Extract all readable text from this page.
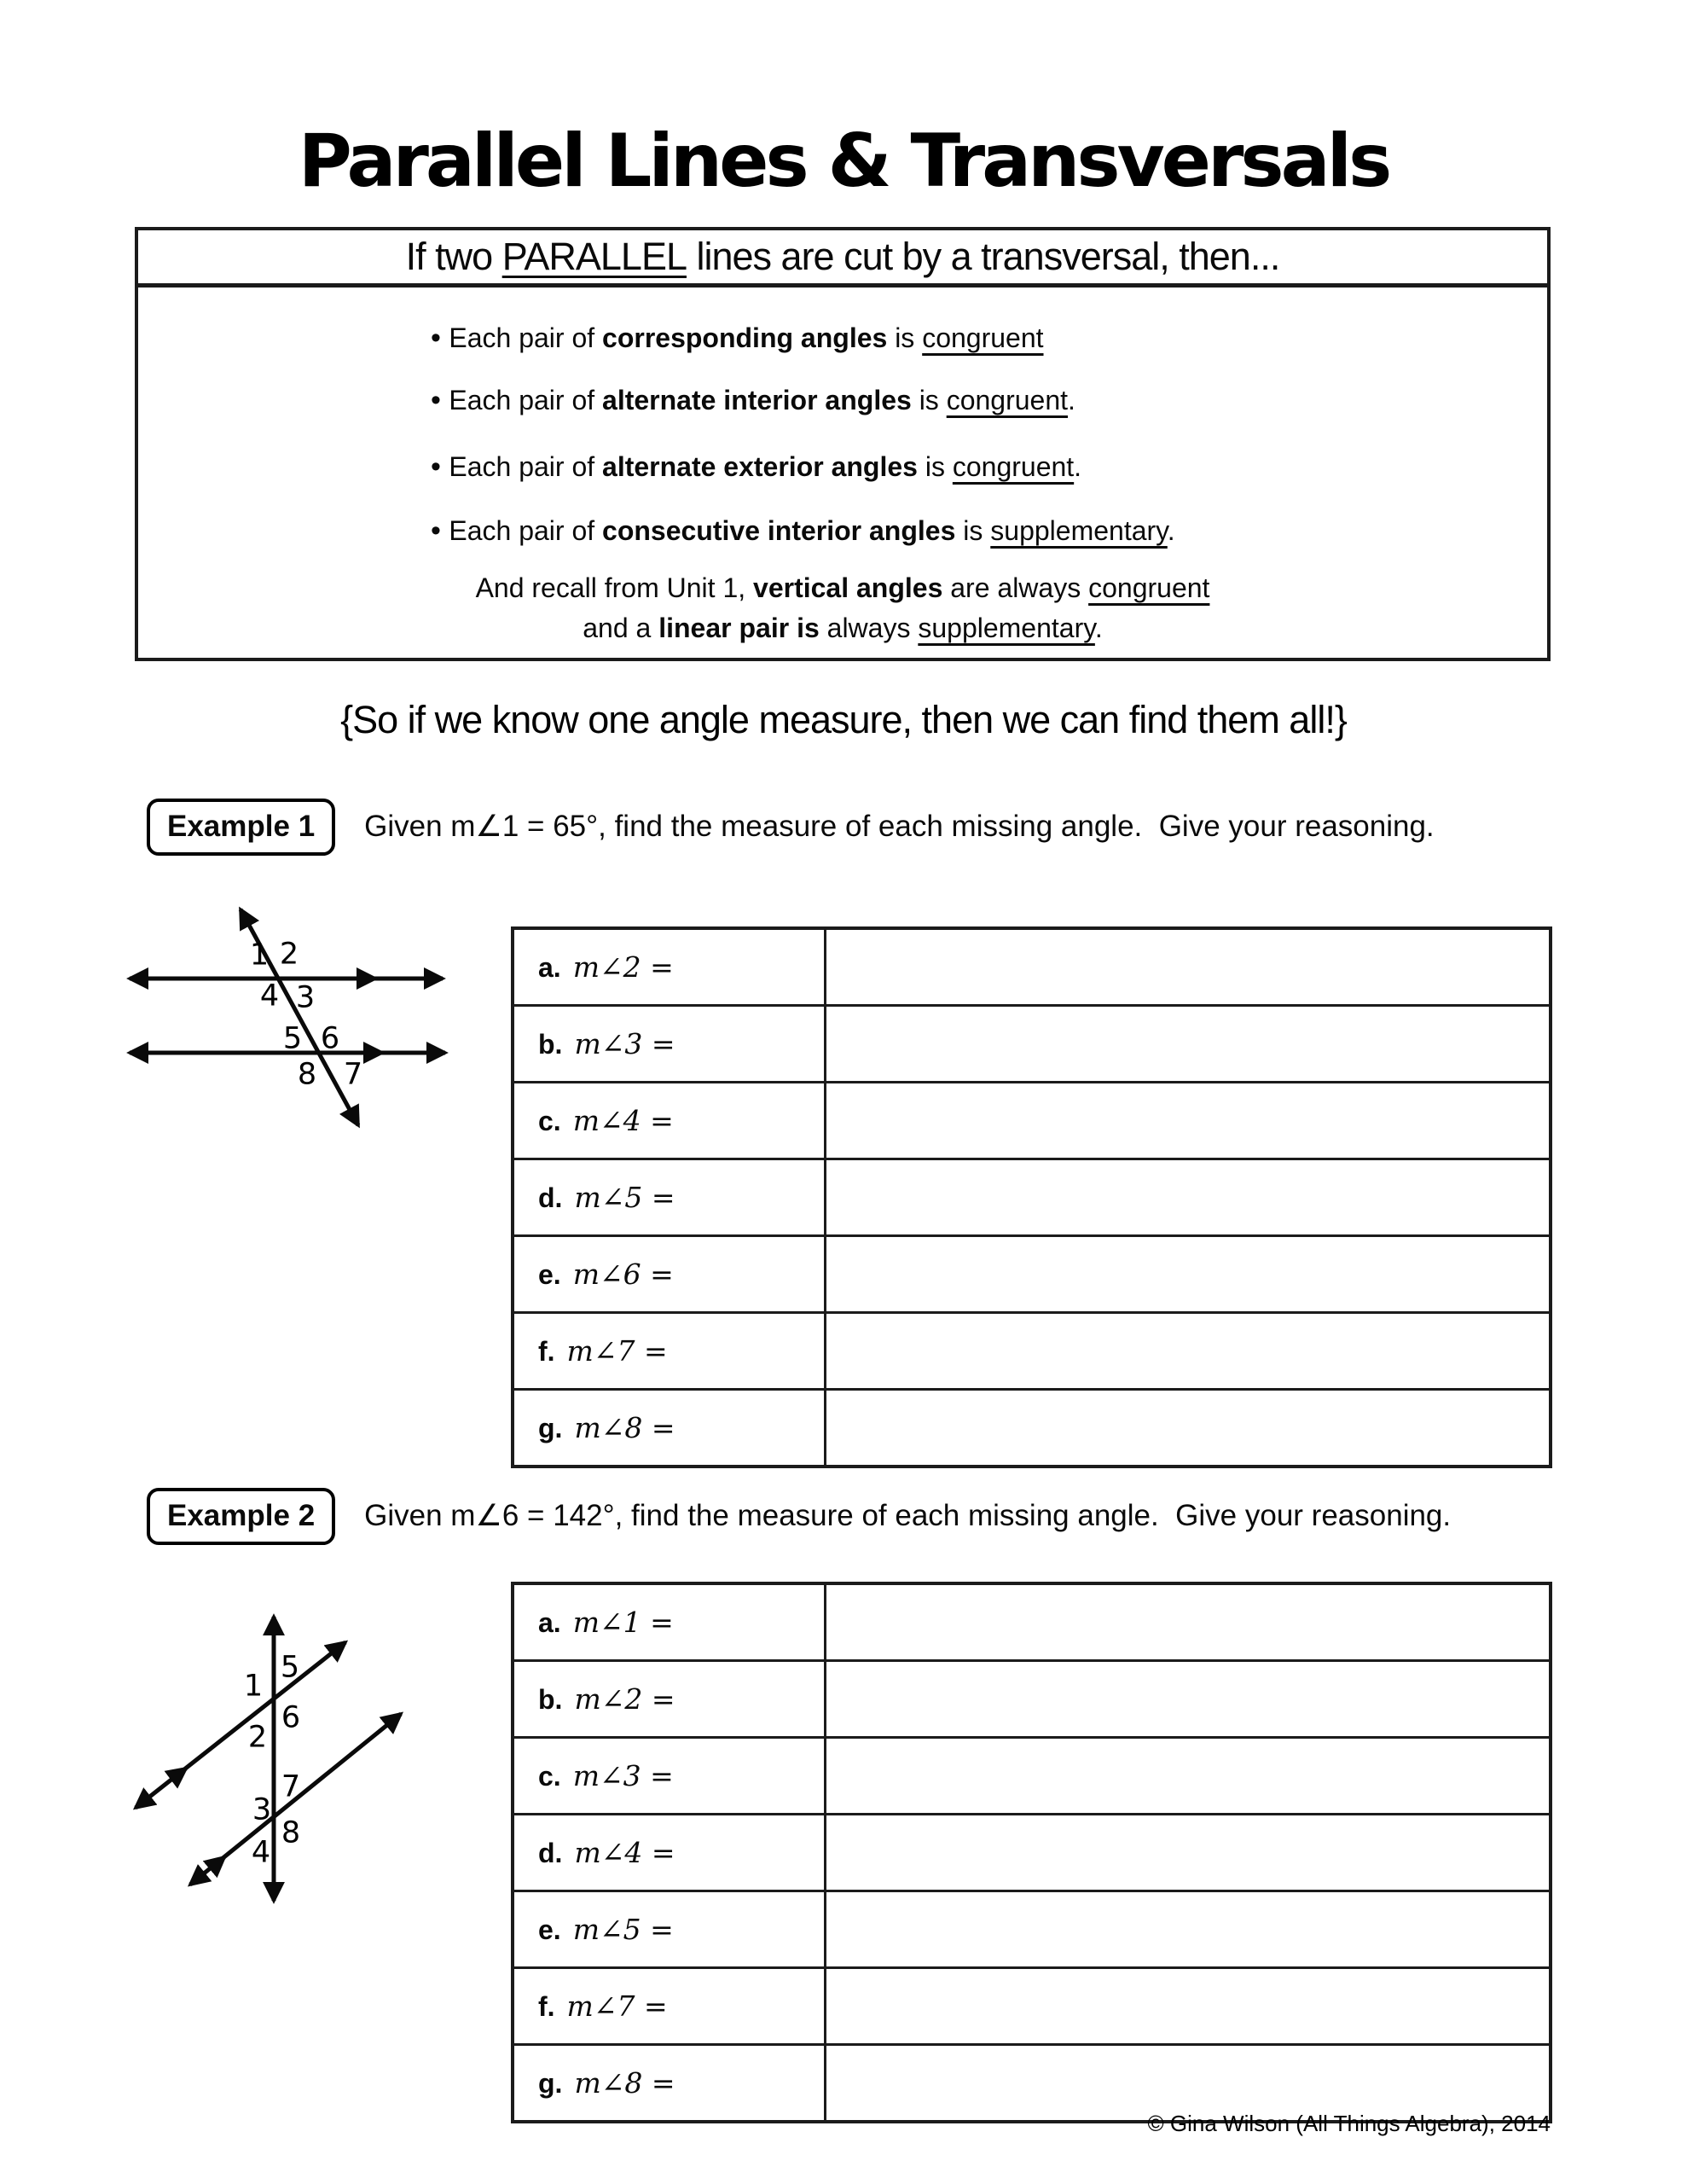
Parallel Lines & Transversals
If two PARALLEL lines are cut by a transversal, then...
• Each pair of corresponding angles is congruent
• Each pair of alternate interior angles is congruent.
• Each pair of alternate exterior angles is congruent.
• Each pair of consecutive interior angles is supplementary.
And recall from Unit 1, vertical angles are always congruent
and a linear pair is always supplementary.
{So if we know one angle measure, then we can find them all!}
Example 1	Given m∠1 = 65°, find the measure of each missing angle.  Give your reasoning.
1 2
3
4
5 6
7
8
a. m∠2 =	
b. m∠3 =	
c. m∠4 =	
d. m∠5 =	
e. m∠6 =	
f. m∠7 =	
g. m∠8 =	
Example 2	Given m∠6 = 142°, find the measure of each missing angle.  Give your reasoning.
1
2
3
4
5
6
7
8
a. m∠1 =	
b. m∠2 =	
c. m∠3 =	
d. m∠4 =	
e. m∠5 =	
f. m∠7 =	
g. m∠8 =	
© Gina Wilson (All Things Algebra), 2014
